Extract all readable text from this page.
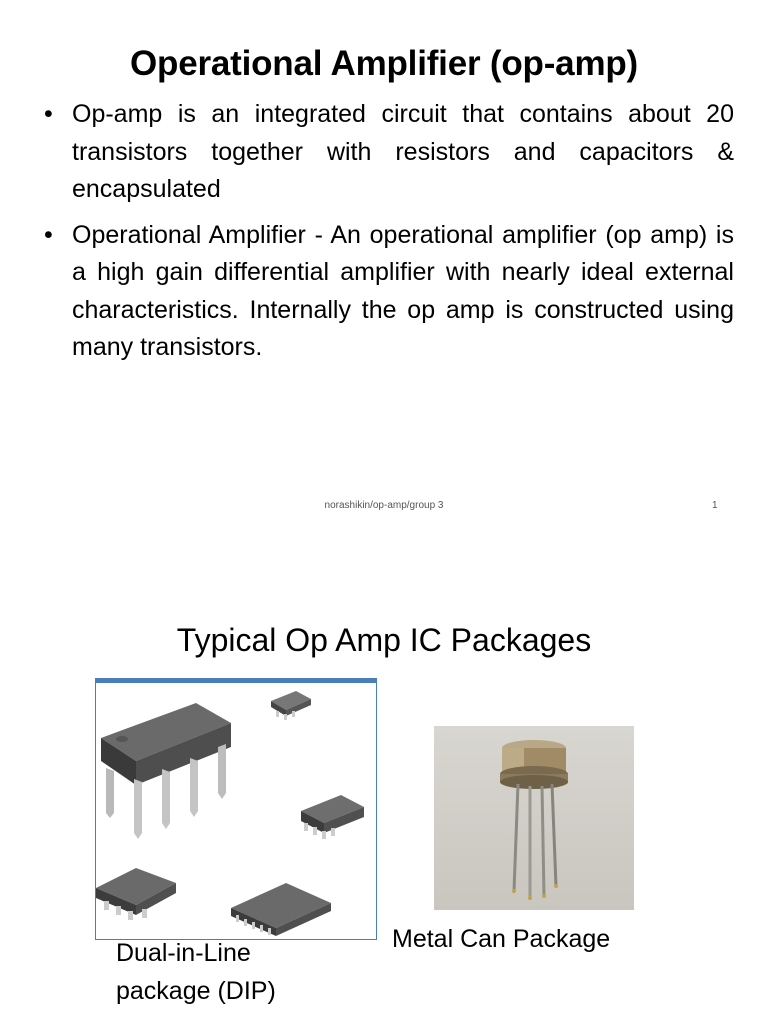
Operational Amplifier (op-amp)
• Op-amp is an integrated circuit that contains about 20 transistors together with resistors and capacitors & encapsulated
• Operational Amplifier - An operational amplifier (op amp) is a high gain differential amplifier with nearly ideal external characteristics. Internally the op amp is constructed using many transistors.
norashikin/op-amp/group 3	1
Typical Op Amp IC Packages
Metal Can Package
Dual-in-Line
package (DIP)
